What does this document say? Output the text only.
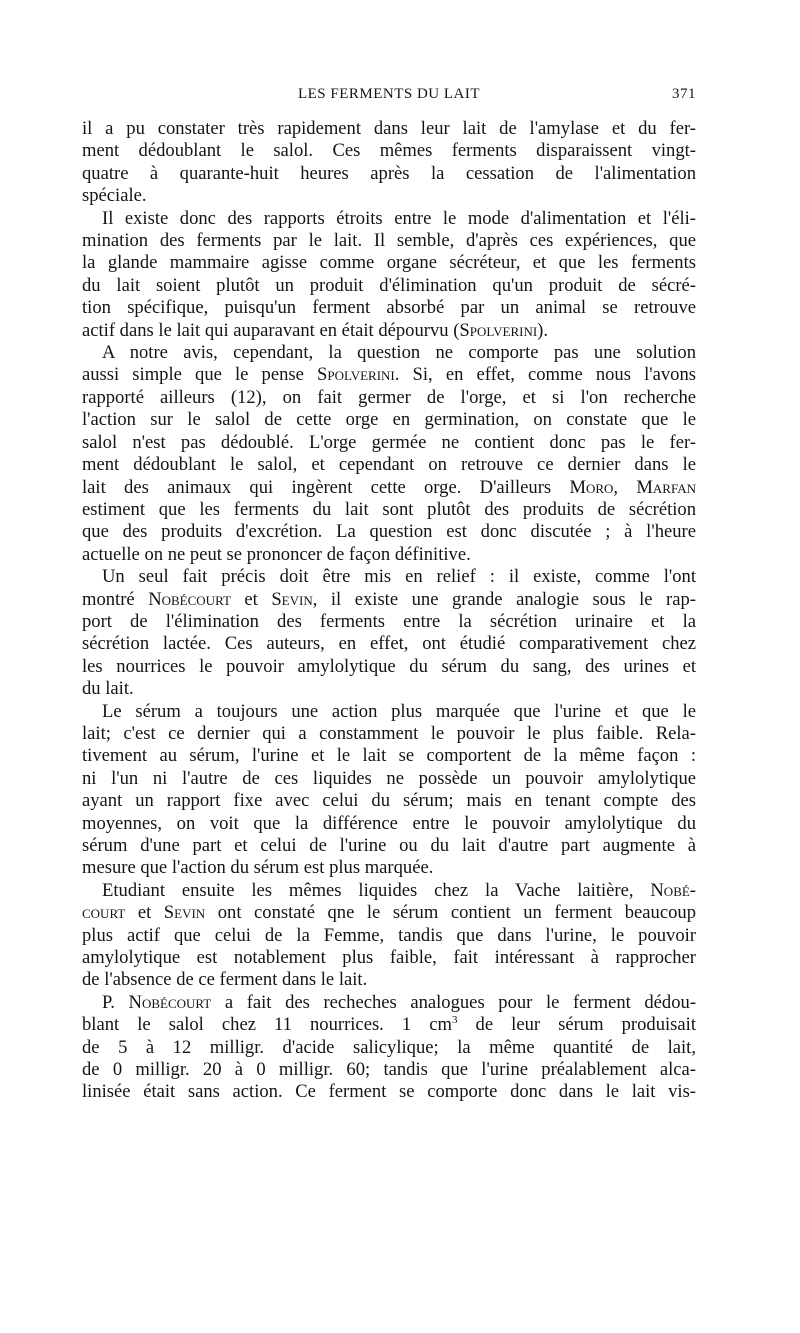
LES FERMENTS DU LAIT	371

il a pu constater très rapidement dans leur lait de l'amylase et du fer-
ment dédoublant le salol. Ces mêmes ferments disparaissent vingt-
quatre à quarante-huit heures après la cessation de l'alimentation
spéciale.

Il existe donc des rapports étroits entre le mode d'alimentation et l'éli-
mination des ferments par le lait. Il semble, d'après ces expériences, que
la glande mammaire agisse comme organe sécréteur, et que les ferments
du lait soient plutôt un produit d'élimination qu'un produit de sécré-
tion spécifique, puisqu'un ferment absorbé par un animal se retrouve
actif dans le lait qui auparavant en était dépourvu (Spolverini).

A notre avis, cependant, la question ne comporte pas une solution
aussi simple que le pense Spolverini. Si, en effet, comme nous l'avons
rapporté ailleurs (12), on fait germer de l'orge, et si l'on recherche
l'action sur le salol de cette orge en germination, on constate que le
salol n'est pas dédoublé. L'orge germée ne contient donc pas le fer-
ment dédoublant le salol, et cependant on retrouve ce dernier dans le
lait des animaux qui ingèrent cette orge. D'ailleurs Moro, Marfan
estiment que les ferments du lait sont plutôt des produits de sécrétion
que des produits d'excrétion. La question est donc discutée ; à l'heure
actuelle on ne peut se prononcer de façon définitive.

Un seul fait précis doit être mis en relief : il existe, comme l'ont
montré Nobécourt et Sevin, il existe une grande analogie sous le rap-
port de l'élimination des ferments entre la sécrétion urinaire et la
sécrétion lactée. Ces auteurs, en effet, ont étudié comparativement chez
les nourrices le pouvoir amylolytique du sérum du sang, des urines et
du lait.

Le sérum a toujours une action plus marquée que l'urine et que le
lait; c'est ce dernier qui a constamment le pouvoir le plus faible. Rela-
tivement au sérum, l'urine et le lait se comportent de la même façon :
ni l'un ni l'autre de ces liquides ne possède un pouvoir amylolytique
ayant un rapport fixe avec celui du sérum; mais en tenant compte des
moyennes, on voit que la différence entre le pouvoir amylolytique du
sérum d'une part et celui de l'urine ou du lait d'autre part augmente à
mesure que l'action du sérum est plus marquée.

Etudiant ensuite les mêmes liquides chez la Vache laitière, Nobé-
court et Sevin ont constaté qne le sérum contient un ferment beaucoup
plus actif que celui de la Femme, tandis que dans l'urine, le pouvoir
amylolytique est notablement plus faible, fait intéressant à rapprocher
de l'absence de ce ferment dans le lait.

P. Nobécourt a fait des recheches analogues pour le ferment dédou-
blant le salol chez 11 nourrices. 1 $cm^3$ de leur sérum produisait
de 5 à 12 milligr. d'acide salicylique; la même quantité de lait,
de 0 milligr. 20 à 0 milligr. 60; tandis que l'urine préalablement alca-
linisée était sans action. Ce ferment se comporte donc dans le lait vis-
